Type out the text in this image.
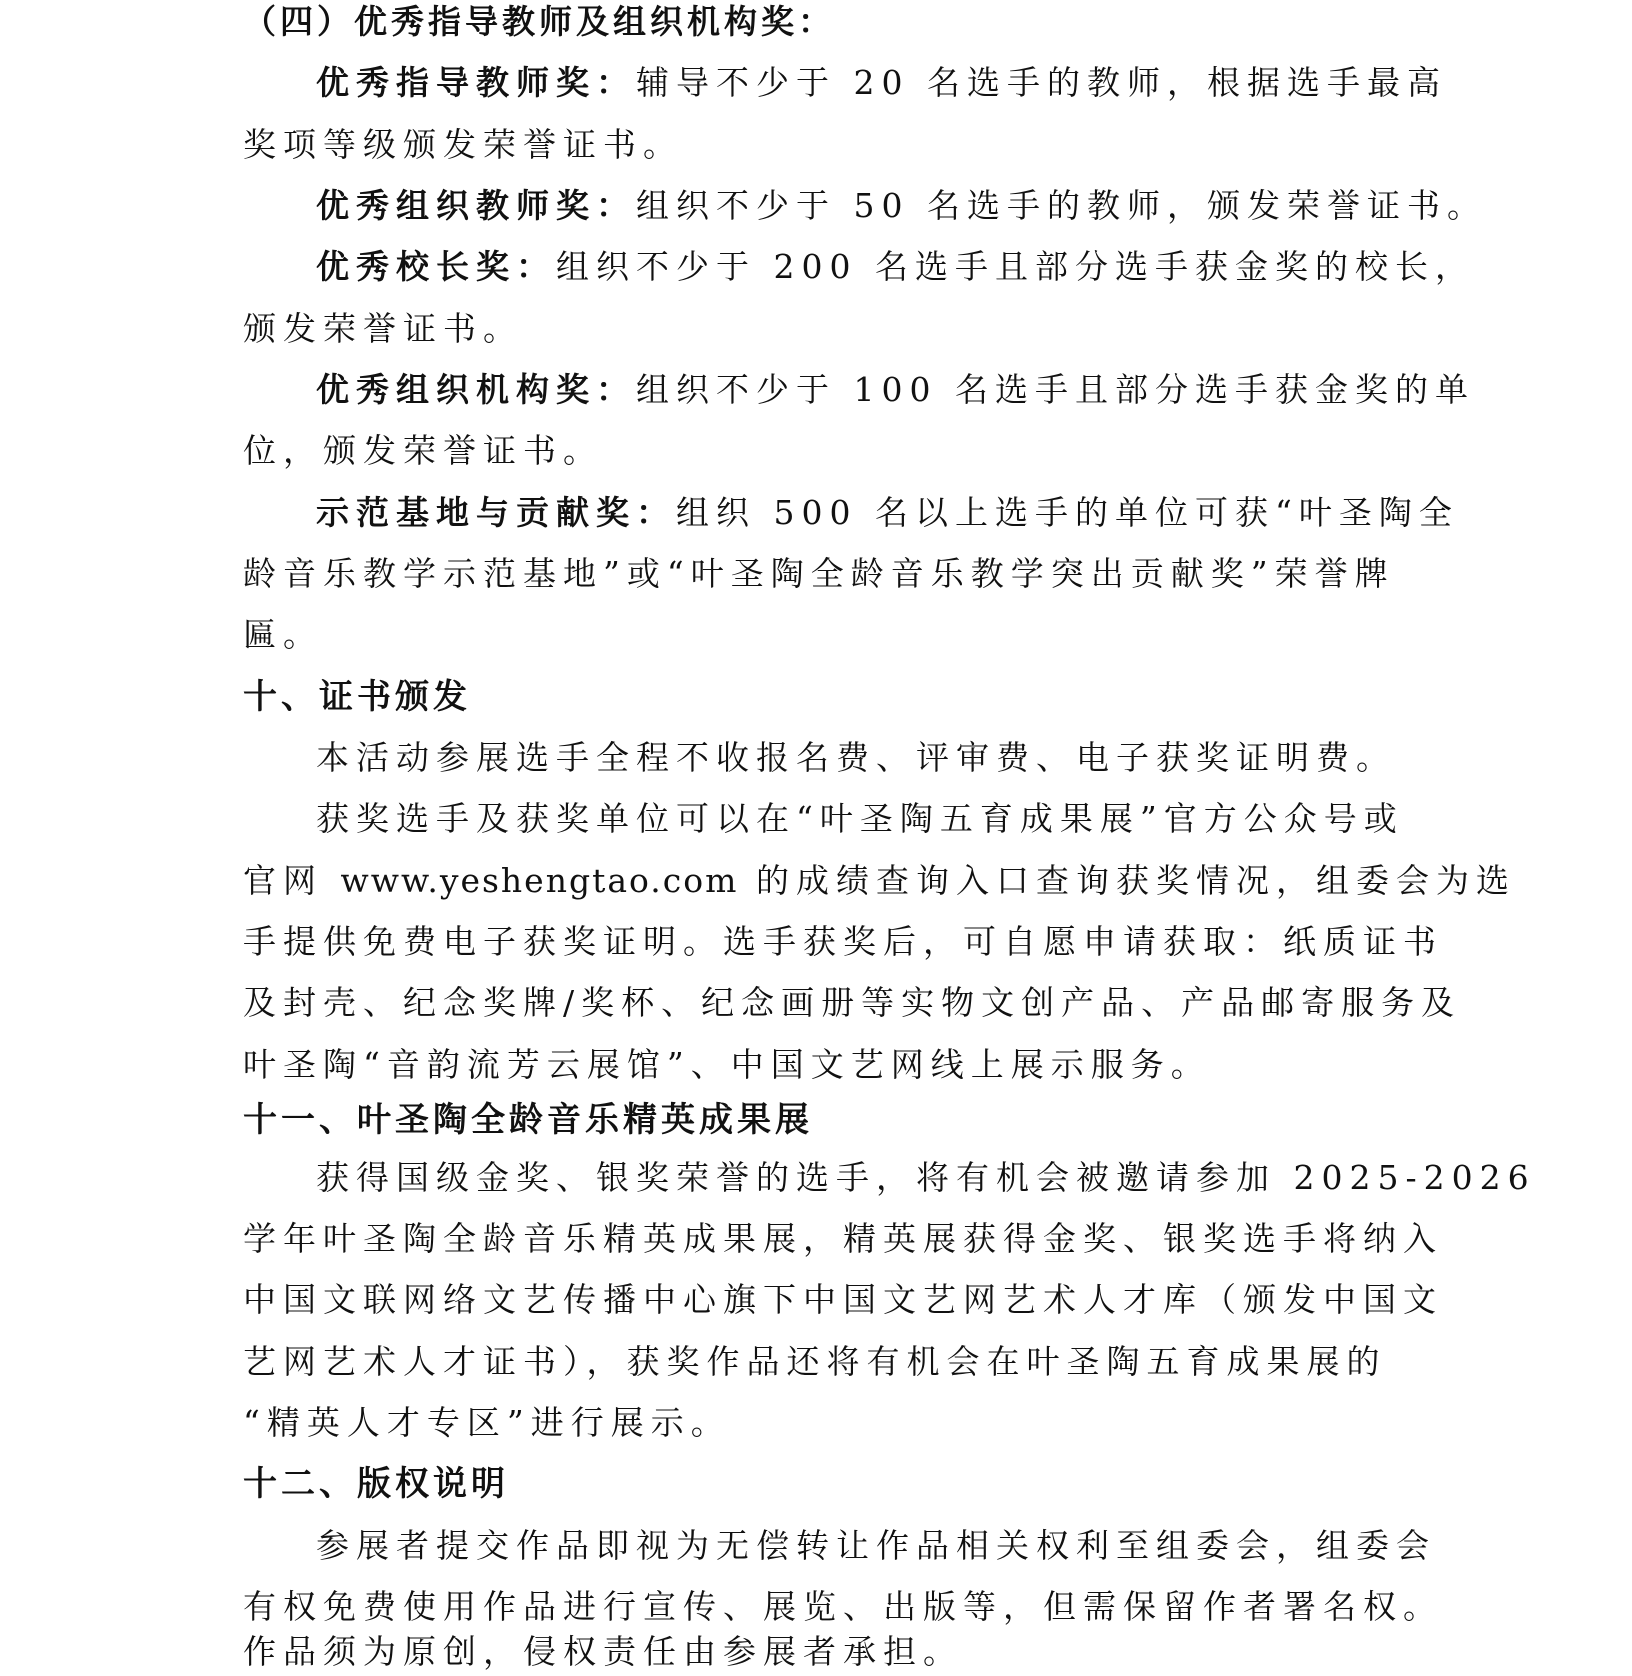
（四）优秀指导教师及组织机构奖：
优秀指导教师奖：辅导不少于 20 名选手的教师，根据选手最高
奖项等级颁发荣誉证书。
优秀组织教师奖：组织不少于 50 名选手的教师，颁发荣誉证书。
优秀校长奖：组织不少于 200 名选手且部分选手获金奖的校长，
颁发荣誉证书。
优秀组织机构奖：组织不少于 100 名选手且部分选手获金奖的单
位，颁发荣誉证书。
示范基地与贡献奖：组织 500 名以上选手的单位可获“叶圣陶全
龄音乐教学示范基地”或“叶圣陶全龄音乐教学突出贡献奖”荣誉牌
匾。
十、证书颁发
本活动参展选手全程不收报名费、评审费、电子获奖证明费。
获奖选手及获奖单位可以在“叶圣陶五育成果展”官方公众号或
官网 www.yeshengtao.com 的成绩查询入口查询获奖情况，组委会为选
手提供免费电子获奖证明。选手获奖后，可自愿申请获取：纸质证书
及封壳、纪念奖牌/奖杯、纪念画册等实物文创产品、产品邮寄服务及
叶圣陶“音韵流芳云展馆”、中国文艺网线上展示服务。
十一、叶圣陶全龄音乐精英成果展
获得国级金奖、银奖荣誉的选手，将有机会被邀请参加 2025-2026
学年叶圣陶全龄音乐精英成果展，精英展获得金奖、银奖选手将纳入
中国文联网络文艺传播中心旗下中国文艺网艺术人才库（颁发中国文
艺网艺术人才证书），获奖作品还将有机会在叶圣陶五育成果展的
“精英人才专区”进行展示。
十二、版权说明
参展者提交作品即视为无偿转让作品相关权利至组委会，组委会
有权免费使用作品进行宣传、展览、出版等，但需保留作者署名权。
作品须为原创，侵权责任由参展者承担。
